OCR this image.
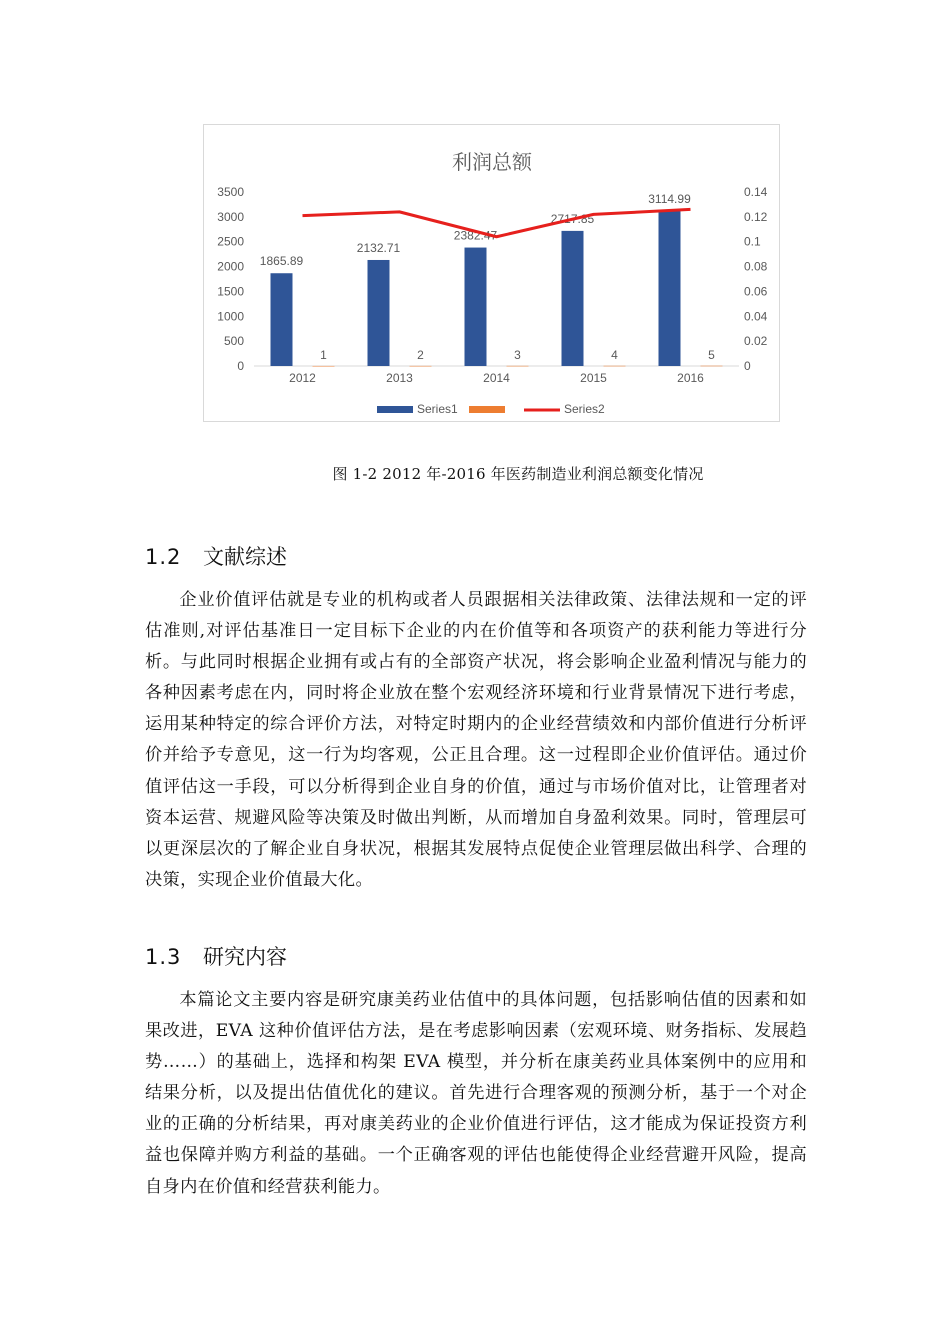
利润总额
3500
3000
2500
2000
1500
1000
500
0
0.14
0.12
0.1
0.08
0.06
0.04
0.02
0
1865.89
1
2012
2132.71
2
2013
2382.47
3
2014
2717.85
4
2015
3114.99
5
2016
Series1	Series2
图 1-2 2012 年-2016 年医药制造业利润总额变化情况
1.2 文献综述

企业价值评估就是专业的机构或者人员跟据相关法律政策、法律法规和一定的评估准则,对评估基准日一定目标下企业的内在价值等和各项资产的获利能力等进行分析。与此同时根据企业拥有或占有的全部资产状况，将会影响企业盈利情况与能力的各种因素考虑在内，同时将企业放在整个宏观经济环境和行业背景情况下进行考虑，运用某种特定的综合评价方法，对特定时期内的企业经营绩效和内部价值进行分析评价并给予专意见，这一行为均客观，公正且合理。这一过程即企业价值评估。通过价值评估这一手段，可以分析得到企业自身的价值，通过与市场价值对比，让管理者对资本运营、规避风险等决策及时做出判断，从而增加自身盈利效果。同时，管理层可以更深层次的了解企业自身状况，根据其发展特点促使企业管理层做出科学、合理的决策，实现企业价值最大化。

1.3 研究内容

本篇论文主要内容是研究康美药业估值中的具体问题，包括影响估值的因素和如果改进，EVA 这种价值评估方法，是在考虑影响因素（宏观环境、财务指标、发展趋势……）的基础上，选择和构架 EVA 模型，并分析在康美药业具体案例中的应用和结果分析，以及提出估值优化的建议。首先进行合理客观的预测分析，基于一个对企业的正确的分析结果，再对康美药业的企业价值进行评估，这才能成为保证投资方利益也保障并购方利益的基础。一个正确客观的评估也能使得企业经营避开风险，提高自身内在价值和经营获利能力。
